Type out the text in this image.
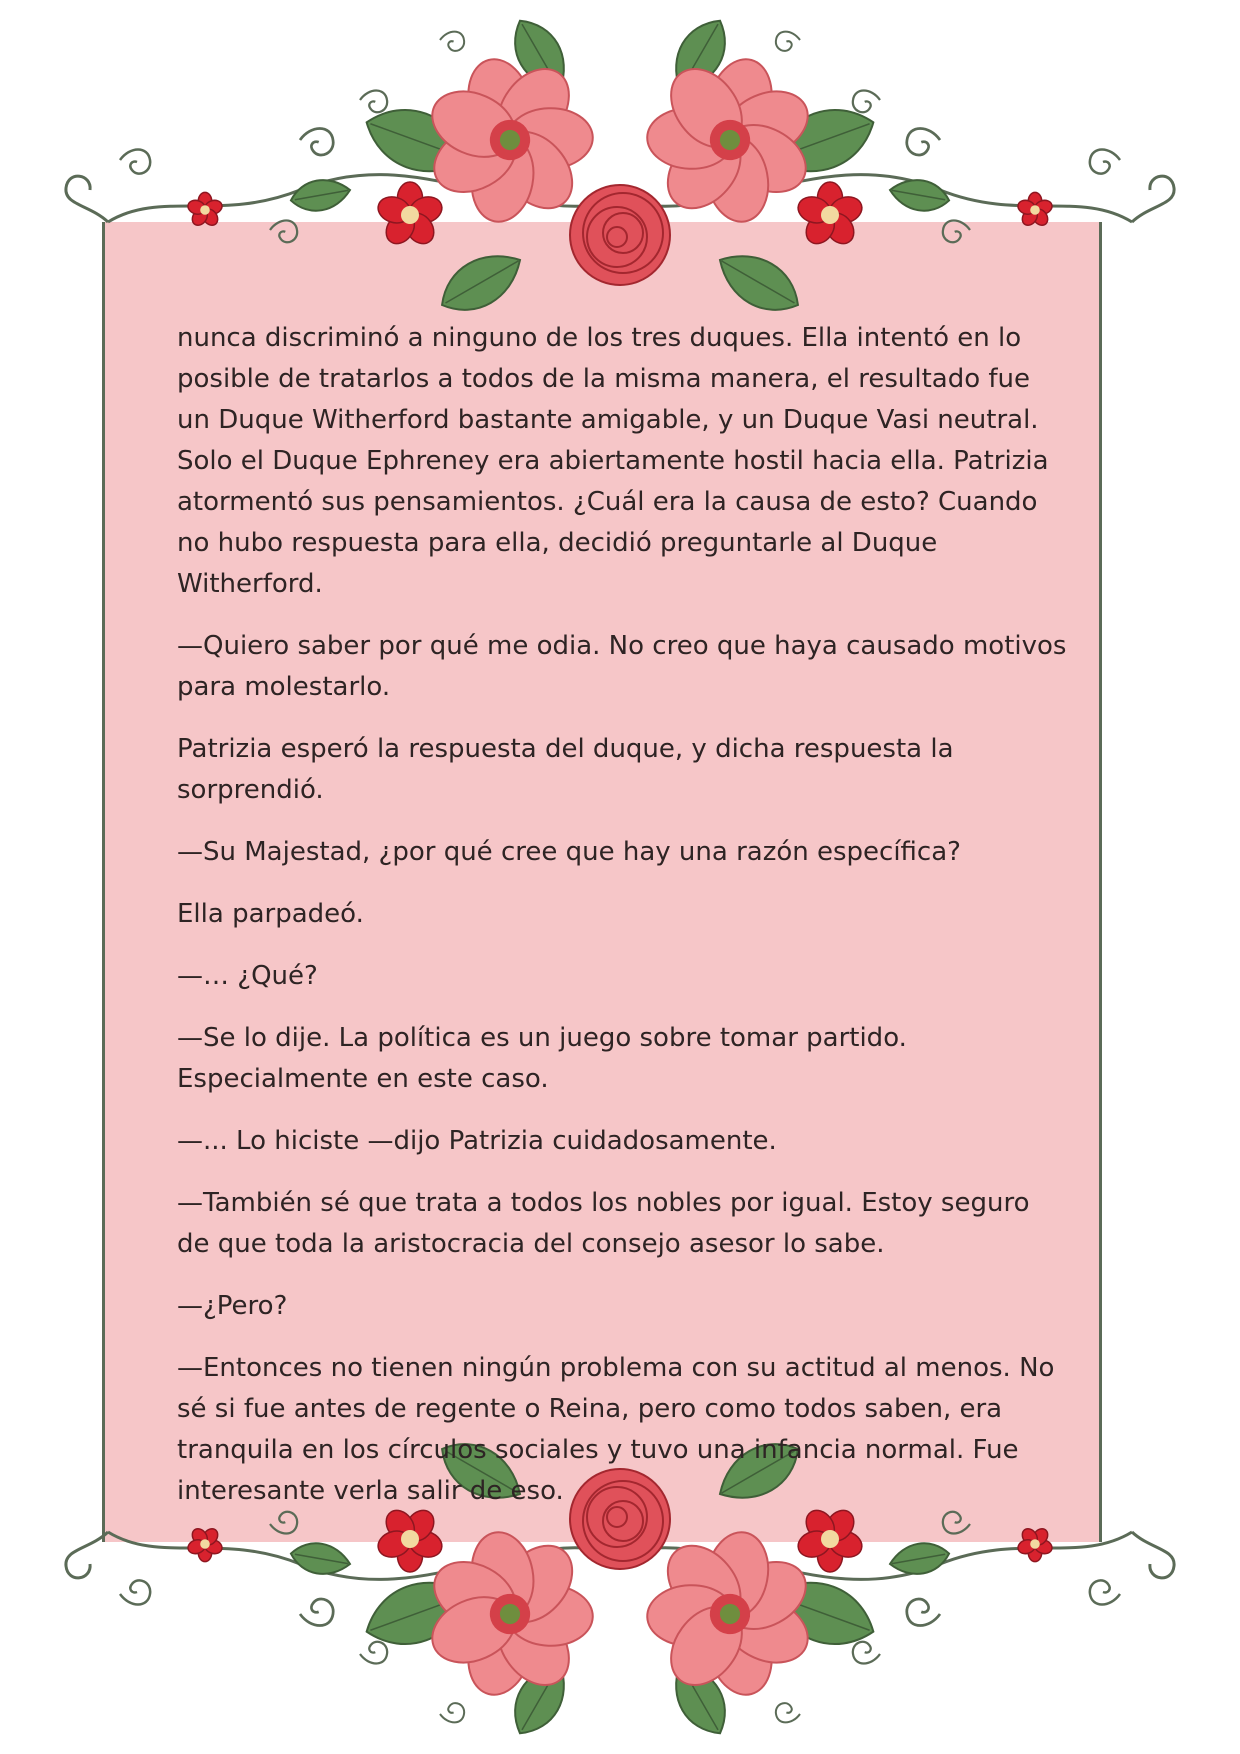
nunca discriminó a ninguno de los tres duques. Ella intentó en lo posible de tratarlos a todos de la misma manera, el resultado fue un Duque Witherford bastante amigable, y un Duque Vasi neutral. Solo el Duque Ephreney era abiertamente hostil hacia ella. Patrizia atormentó sus pensamientos. ¿Cuál era la causa de esto? Cuando no hubo respuesta para ella, decidió preguntarle al Duque Witherford.

—Quiero saber por qué me odia. No creo que haya causado motivos para molestarlo.

Patrizia esperó la respuesta del duque, y dicha respuesta la sorprendió.

—Su Majestad, ¿por qué cree que hay una razón específica?

Ella parpadeó.

—… ¿Qué?

—Se lo dije. La política es un juego sobre tomar partido. Especialmente en este caso.

—... Lo hiciste —dijo Patrizia cuidadosamente.

—También sé que trata a todos los nobles por igual. Estoy seguro de que toda la aristocracia del consejo asesor lo sabe.

—¿Pero?

—Entonces no tienen ningún problema con su actitud al menos. No sé si fue antes de regente o Reina, pero como todos saben, era tranquila en los círculos sociales y tuvo una infancia normal. Fue interesante verla salir de eso.
